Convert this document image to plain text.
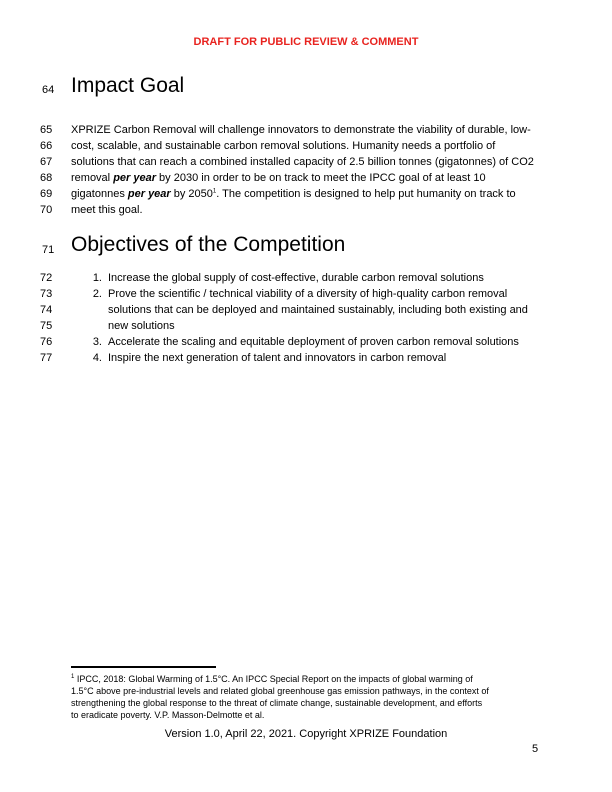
DRAFT FOR PUBLIC REVIEW & COMMENT
64 Impact Goal
65 XPRIZE Carbon Removal will challenge innovators to demonstrate the viability of durable, low-
66 cost, scalable, and sustainable carbon removal solutions. Humanity needs a portfolio of
67 solutions that can reach a combined installed capacity of 2.5 billion tonnes (gigatonnes) of CO2
68 removal per year by 2030 in order to be on track to meet the IPCC goal of at least 10
69 gigatonnes per year by 2050$^1$. The competition is designed to help put humanity on track to
70 meet this goal.
71 Objectives of the Competition
72	1. Increase the global supply of cost-effective, durable carbon removal solutions
73	2. Prove the scientific / technical viability of a diversity of high-quality carbon removal
74	solutions that can be deployed and maintained sustainably, including both existing and
75	new solutions
76	3. Accelerate the scaling and equitable deployment of proven carbon removal solutions
77	4. Inspire the next generation of talent and innovators in carbon removal
$^1$ IPCC, 2018: Global Warming of 1.5°C. An IPCC Special Report on the impacts of global warming of
1.5°C above pre-industrial levels and related global greenhouse gas emission pathways, in the context of
strengthening the global response to the threat of climate change, sustainable development, and efforts
to eradicate poverty. V.P. Masson-Delmotte et al.
Version 1.0, April 22, 2021. Copyright XPRIZE Foundation
5
